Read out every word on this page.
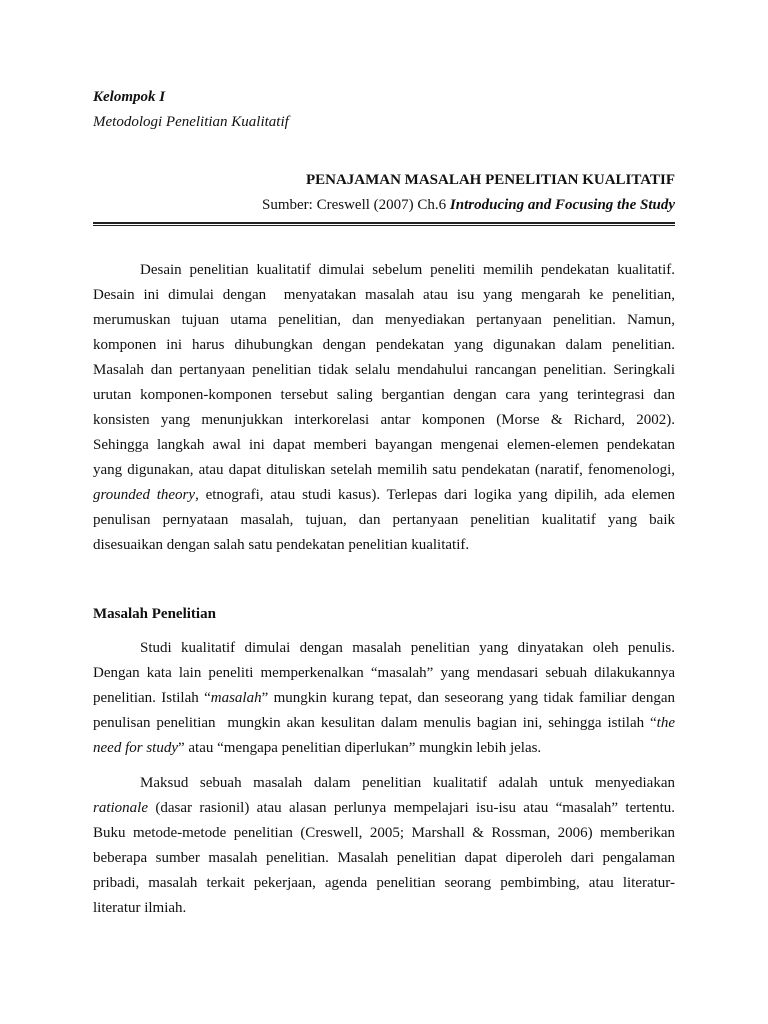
Kelompok I
Metodologi Penelitian Kualitatif
PENAJAMAN MASALAH PENELITIAN KUALITATIF
Sumber: Creswell (2007) Ch.6 Introducing and Focusing the Study
Desain penelitian kualitatif dimulai sebelum peneliti memilih pendekatan kualitatif.
Desain ini dimulai dengan  menyatakan masalah atau isu yang mengarah ke penelitian,
merumuskan tujuan utama penelitian, dan menyediakan pertanyaan penelitian. Namun,
komponen ini harus dihubungkan dengan pendekatan yang digunakan dalam penelitian.
Masalah dan pertanyaan penelitian tidak selalu mendahului rancangan penelitian. Seringkali
urutan komponen-komponen tersebut saling bergantian dengan cara yang terintegrasi dan
konsisten yang menunjukkan interkorelasi antar komponen (Morse & Richard, 2002).
Sehingga langkah awal ini dapat memberi bayangan mengenai elemen-elemen pendekatan
yang digunakan, atau dapat dituliskan setelah memilih satu pendekatan (naratif, fenomenologi,
grounded theory, etnografi, atau studi kasus). Terlepas dari logika yang dipilih, ada elemen
penulisan pernyataan masalah, tujuan, dan pertanyaan penelitian kualitatif yang baik
disesuaikan dengan salah satu pendekatan penelitian kualitatif.
Masalah Penelitian
Studi kualitatif dimulai dengan masalah penelitian yang dinyatakan oleh penulis.
Dengan kata lain peneliti memperkenalkan “masalah” yang mendasari sebuah dilakukannya
penelitian. Istilah “masalah” mungkin kurang tepat, dan seseorang yang tidak familiar dengan
penulisan penelitian  mungkin akan kesulitan dalam menulis bagian ini, sehingga istilah “the
need for study” atau “mengapa penelitian diperlukan” mungkin lebih jelas.
Maksud sebuah masalah dalam penelitian kualitatif adalah untuk menyediakan
rationale (dasar rasionil) atau alasan perlunya mempelajari isu-isu atau “masalah” tertentu.
Buku metode-metode penelitian (Creswell, 2005; Marshall & Rossman, 2006) memberikan
beberapa sumber masalah penelitian. Masalah penelitian dapat diperoleh dari pengalaman
pribadi, masalah terkait pekerjaan, agenda penelitian seorang pembimbing, atau literatur-
literatur ilmiah.
